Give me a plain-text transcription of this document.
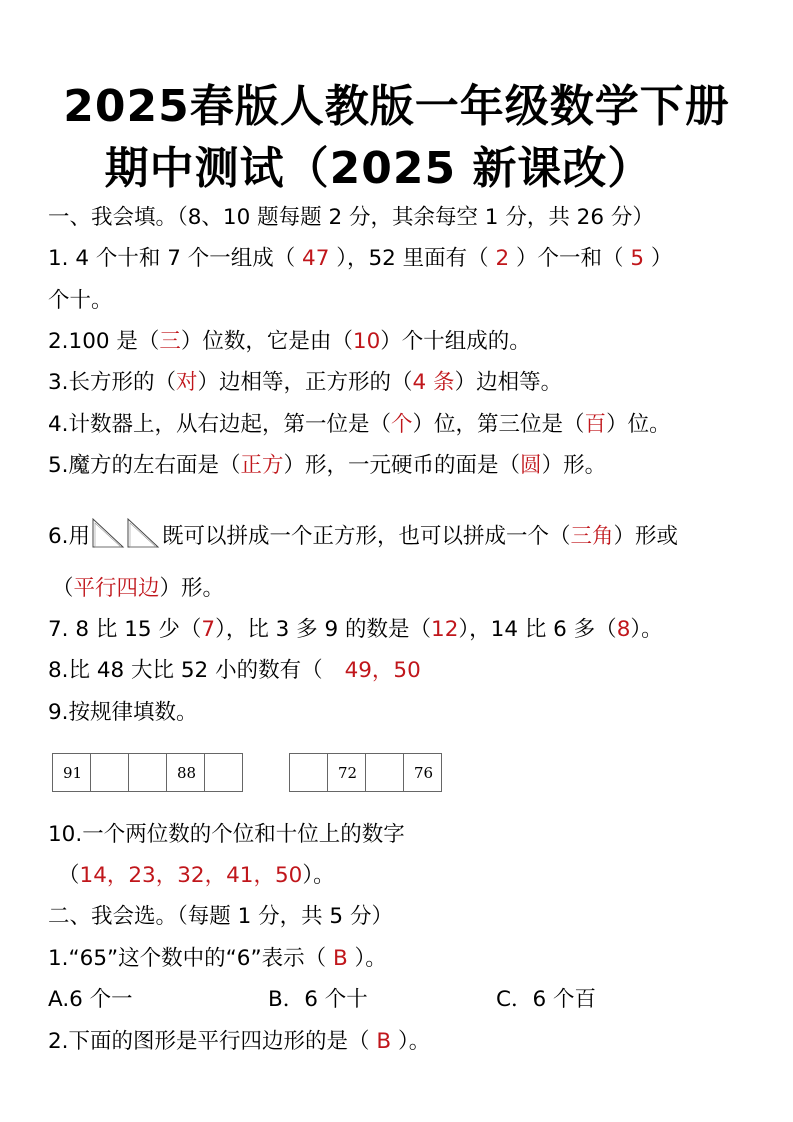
2025春版人教版一年级数学下册
期中测试（2025 新课改）
一、我会填。（8、10 题每题 2 分，其余每空 1 分，共 26 分）
1. 4 个十和 7 个一组成（ 47 ），52 里面有（ 2 ）个一和（ 5 ）
个十。
2.100 是（三）位数，它是由（10）个十组成的。
3.长方形的（对）边相等，正方形的（4 条）边相等。
4.计数器上，从右边起，第一位是（个）位，第三位是（百）位。
5.魔方的左右面是（正方）形，一元硬币的面是（圆）形。
6.用	既可以拼成一个正方形，也可以拼成一个（三角）形或
（平行四边）形。
7. 8 比 15 少（7），比 3 多 9 的数是（12），14 比 6 多（8）。
8.比 48 大比 52 小的数有（ 49，50
9.按规律填数。
91			88	
		72		76
10.一个两位数的个位和十位上的数字
（14，23，32，41，50）。
二、我会选。（每题 1 分，共 5 分）
1.“65”这个数中的“6”表示（ B ）。
A.6 个一	B．6 个十	C．6 个百
2.下面的图形是平行四边形的是（ B ）。
